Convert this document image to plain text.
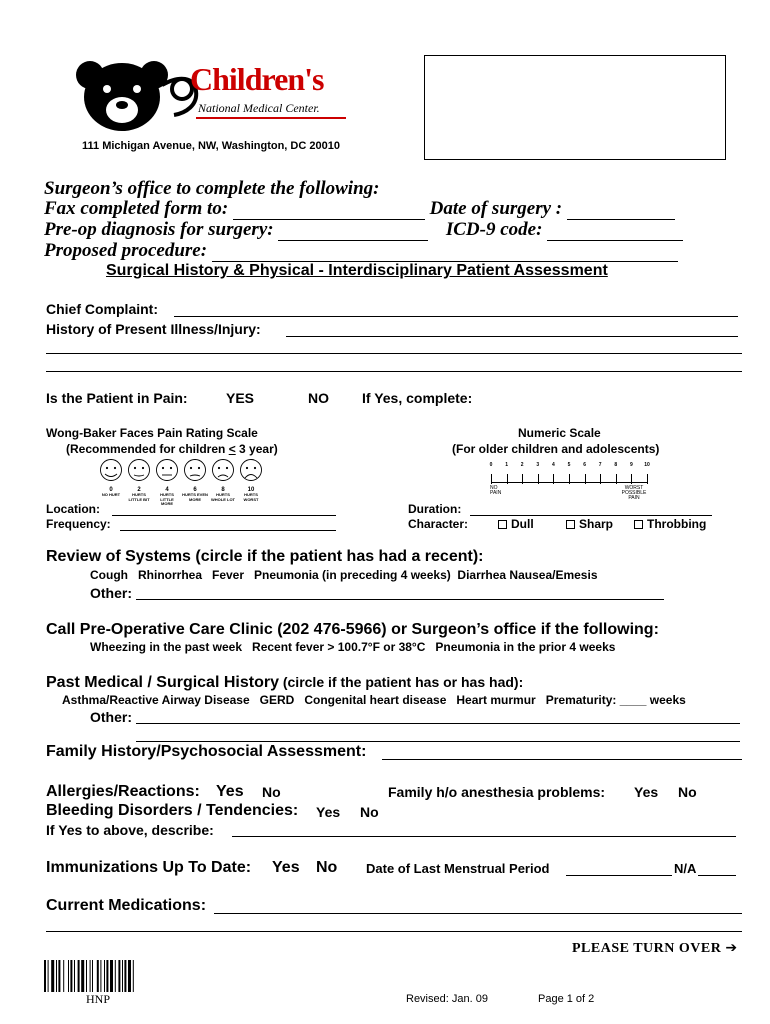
Children's
National Medical Center.
111 Michigan Avenue, NW, Washington, DC 20010
Surgeon’s office to complete the following:
Fax completed form to:	Date of surgery :
Pre-op diagnosis for surgery:	ICD-9 code:
Proposed procedure:
Surgical History & Physical - Interdisciplinary Patient Assessment
Chief Complaint:
History of Present Illness/Injury:
Is the Patient in Pain:	YES	NO If Yes, complete:
Wong-Baker Faces Pain Rating Scale
(Recommended for children < 3 year)
Numeric Scale
(For older children and adolescents)
0
NO HURT
2
HURTS LITTLE BIT
4
HURTS LITTLE MORE
6
HURTS EVEN MORE
8
HURTS WHOLE LOT
10
HURTS WORST
0	1	2	3	4	5	6	7	8	9	10
NO PAIN
WORST POSSIBLE PAIN
Location:
Frequency:
Duration:
Character:	Dull	Sharp	Throbbing
Review of Systems (circle if the patient has had a recent):
Cough   Rhinorrhea   Fever   Pneumonia (in preceding 4 weeks)  Diarrhea Nausea/Emesis
Other:
Call Pre-Operative Care Clinic (202 476-5966) or Surgeon’s office if the following:
Wheezing in the past week   Recent fever > 100.7°F or 38°C   Pneumonia in the prior 4 weeks
Past Medical / Surgical History (circle if the patient has or has had):
Asthma/Reactive Airway Disease   GERD   Congenital heart disease   Heart murmur   Prematurity: ____ weeks
Other:
Family History/Psychosocial Assessment:
Allergies/Reactions: Yes No	Family h/o anesthesia problems: Yes No
Bleeding Disorders / Tendencies: Yes No
If Yes to above, describe:
Immunizations Up To Date: Yes No Date of Last Menstrual Period	N/A
Current Medications:
PLEASE TURN OVER ➔
HNP	Revised: Jan. 09	Page 1 of 2
